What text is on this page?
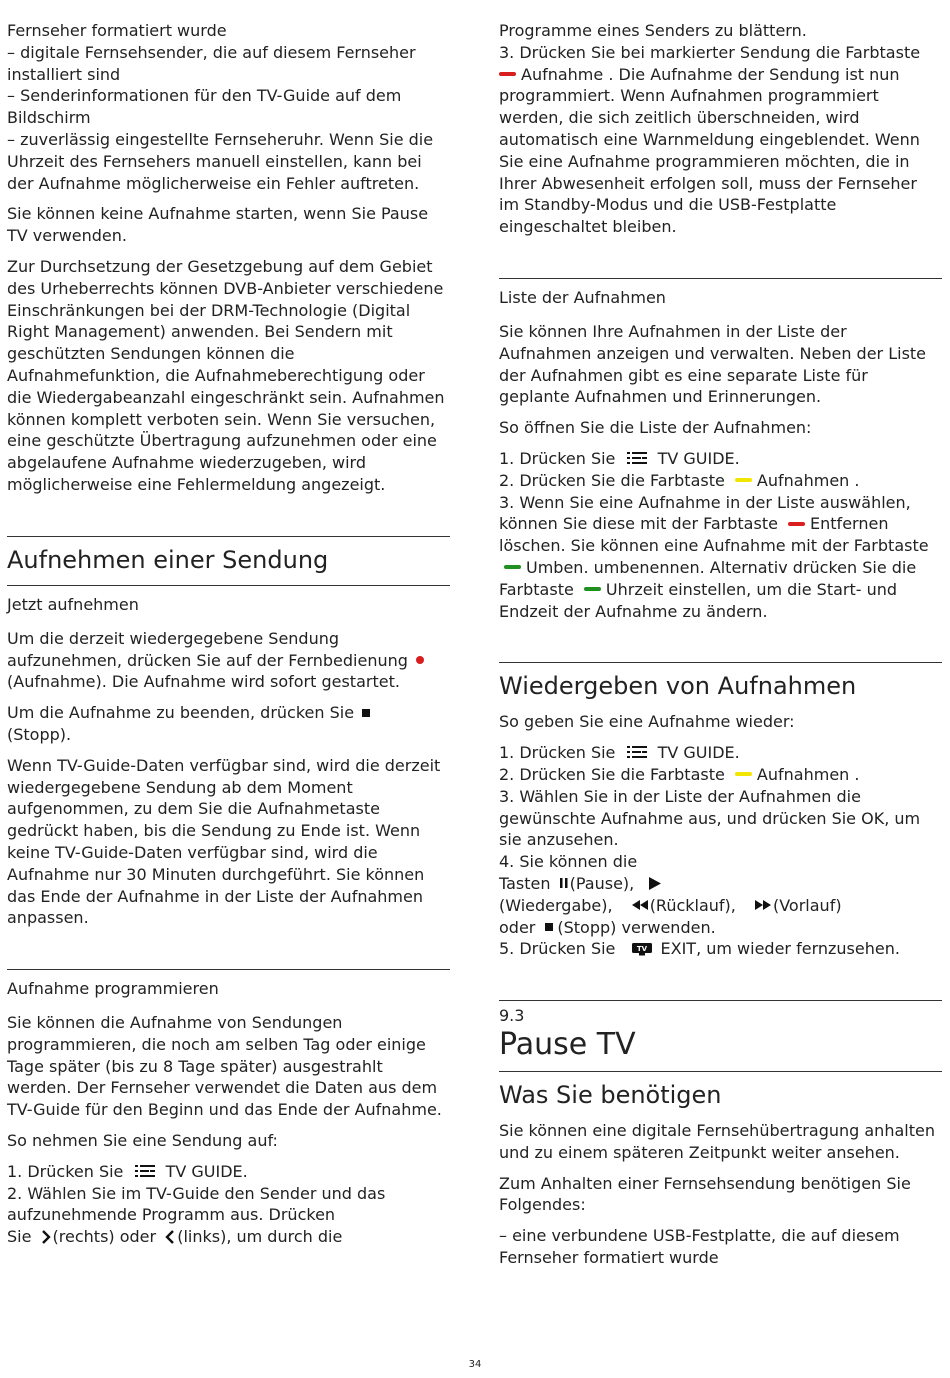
Fernseher formatiert wurde
– digitale Fernsehsender, die auf diesem Fernseher installiert sind
– Senderinformationen für den TV-Guide auf dem Bildschirm
– zuverlässig eingestellte Fernseheruhr. Wenn Sie die Uhrzeit des Fernsehers manuell einstellen, kann bei der Aufnahme möglicherweise ein Fehler auftreten.

Sie können keine Aufnahme starten, wenn Sie Pause TV verwenden.

Zur Durchsetzung der Gesetzgebung auf dem Gebiet des Urheberrechts können DVB-Anbieter verschiedene Einschränkungen bei der DRM-Technologie (Digital Right Management) anwenden. Bei Sendern mit geschützten Sendungen können die Aufnahmefunktion, die Aufnahmeberechtigung oder die Wiedergabeanzahl eingeschränkt sein. Aufnahmen können komplett verboten sein. Wenn Sie versuchen, eine geschützte Übertragung aufzunehmen oder eine abgelaufene Aufnahme wiederzugeben, wird möglicherweise eine Fehlermeldung angezeigt.

Aufnehmen einer Sendung
Jetzt aufnehmen

Um die derzeit wiedergegebene Sendung aufzunehmen, drücken Sie auf der Fernbedienung(Aufnahme). Die Aufnahme wird sofort gestartet.

Um die Aufnahme zu beenden, drücken Sie
(Stopp).

Wenn TV-Guide-Daten verfügbar sind, wird die derzeit wiedergegebene Sendung ab dem Moment aufgenommen, zu dem Sie die Aufnahmetaste gedrückt haben, bis die Sendung zu Ende ist. Wenn keine TV-Guide-Daten verfügbar sind, wird die Aufnahme nur 30 Minuten durchgeführt. Sie können das Ende der Aufnahme in der Liste der Aufnahmen anpassen.

Aufnahme programmieren

Sie können die Aufnahme von Sendungen programmieren, die noch am selben Tag oder einige Tage später (bis zu 8 Tage später) ausgestrahlt werden. Der Fernseher verwendet die Daten aus dem TV-Guide für den Beginn und das Ende der Aufnahme.

So nehmen Sie eine Sendung auf:

1. Drücken Sie	TV GUIDE.
2. Wählen Sie im TV-Guide den Sender und das aufzunehmende Programm aus. Drücken
Sie (rechts) oder (links), um durch die

Programme eines Senders zu blättern.
3. Drücken Sie bei markierter Sendung die Farbtaste
Aufnahme . Die Aufnahme der Sendung ist nun programmiert. Wenn Aufnahmen programmiert werden, die sich zeitlich überschneiden, wird automatisch eine Warnmeldung eingeblendet. Wenn Sie eine Aufnahme programmieren möchten, die in Ihrer Abwesenheit erfolgen soll, muss der Fernseher im Standby-Modus und die USB-Festplatte eingeschaltet bleiben.

Liste der Aufnahmen

Sie können Ihre Aufnahmen in der Liste der Aufnahmen anzeigen und verwalten. Neben der Liste der Aufnahmen gibt es eine separate Liste für geplante Aufnahmen und Erinnerungen.

So öffnen Sie die Liste der Aufnahmen:

1. Drücken Sie	TV GUIDE.
2. Drücken Sie die Farbtaste Aufnahmen .
3. Wenn Sie eine Aufnahme in der Liste auswählen, können Sie diese mit der Farbtaste Entfernen löschen. Sie können eine Aufnahme mit der Farbtaste Umben. umbenennen. Alternativ drücken Sie die Farbtaste Uhrzeit einstellen, um die Start- und Endzeit der Aufnahme zu ändern.

Wiedergeben von Aufnahmen

So geben Sie eine Aufnahme wieder:

1. Drücken Sie	TV GUIDE.
2. Drücken Sie die Farbtaste Aufnahmen .
3. Wählen Sie in der Liste der Aufnahmen die gewünschte Aufnahme aus, und drücken Sie OK, um sie anzusehen.
4. Sie können die
Tasten (Pause),
(Wiedergabe), (Rücklauf), (Vorlauf)
oder (Stopp) verwenden.
5. Drücken Sie	TV EXIT, um wieder fernzusehen.

9.3
Pause TV
Was Sie benötigen

Sie können eine digitale Fernsehübertragung anhalten und zu einem späteren Zeitpunkt weiter ansehen.

Zum Anhalten einer Fernsehsendung benötigen Sie Folgendes:

– eine verbundene USB-Festplatte, die auf diesem Fernseher formatiert wurde

34
